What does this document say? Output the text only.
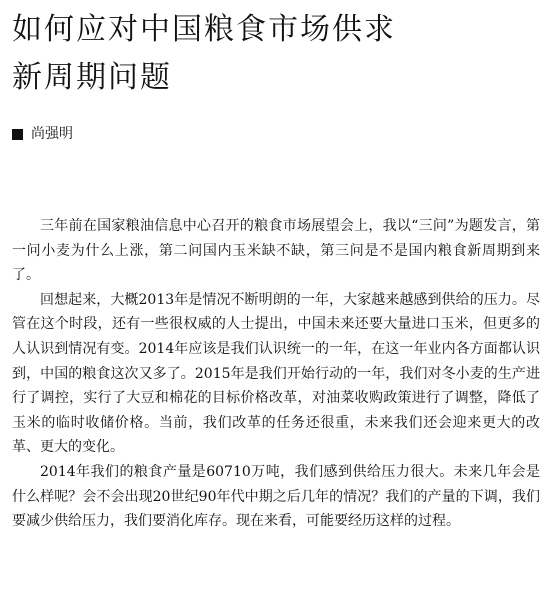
如何应对中国粮食市场供求
新周期问题
尚强明

三年前在国家粮油信息中心召开的粮食市场展望会上，我以“三问”为题发言，第一问小麦为什么上涨，第二问国内玉米缺不缺，第三问是不是国内粮食新周期到来了。

回想起来，大概2013年是情况不断明朗的一年，大家越来越感到供给的压力。尽管在这个时段，还有一些很权威的人士提出，中国未来还要大量进口玉米，但更多的人认识到情况有变。2014年应该是我们认识统一的一年，在这一年业内各方面都认识到，中国的粮食这次又多了。2015年是我们开始行动的一年，我们对冬小麦的生产进行了调控，实行了大豆和棉花的目标价格改革，对油菜收购政策进行了调整，降低了玉米的临时收储价格。当前，我们改革的任务还很重，未来我们还会迎来更大的改革、更大的变化。

2014年我们的粮食产量是60710万吨，我们感到供给压力很大。未来几年会是什么样呢？会不会出现20世纪90年代中期之后几年的情况？我们的产量的下调，我们要减少供给压力，我们要消化库存。现在来看，可能要经历这样的过程。
